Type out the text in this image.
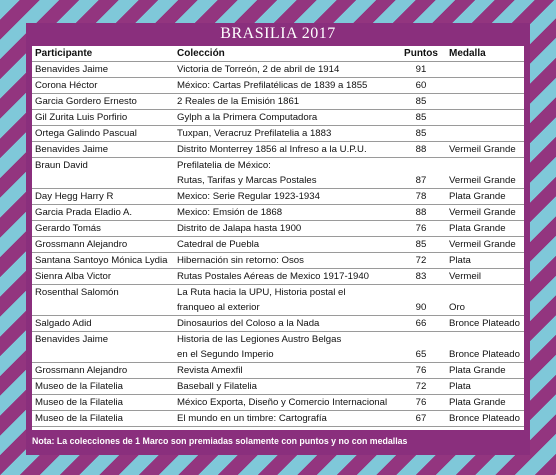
BRASILIA 2017
Participante	Colección	Puntos	Medalla
Benavides Jaime	Victoria de Torreón, 2 de abril de 1914	91	
Corona Héctor	México: Cartas Prefilatélicas de 1839 a 1855	60	
Garcia Gordero Ernesto	2 Reales de la Emisión 1861	85	
Gil Zurita Luis Porfirio	Gylph a la Primera Computadora	85	
Ortega Galindo Pascual	Tuxpan, Veracruz Prefilatelia a 1883	85	
Benavides Jaime	Distrito Monterrey 1856 al Infreso a la U.P.U.	88	Vermeil Grande
Braun David	Prefilatelia de México:		
	Rutas, Tarifas y Marcas Postales	87	Vermeil Grande
Day Hegg Harry R	Mexico: Serie Regular 1923-1934	78	Plata Grande
Garcia Prada Eladio A.	Mexico: Emsión de 1868	88	Vermeil Grande
Gerardo Tomás	Distrito de Jalapa hasta 1900	76	Plata Grande
Grossmann Alejandro	Catedral de Puebla	85	Vermeil Grande
Santana Santoyo Mónica Lydia	Hibernación sin retorno: Osos	72	Plata
Sienra Alba Victor	Rutas Postales Aéreas de Mexico 1917-1940	83	Vermeil
Rosenthal Salomón	La Ruta hacia la UPU, Historia postal el		
	franqueo al exterior	90	Oro
Salgado Adid	Dinosaurios del Coloso a la Nada	66	Bronce Plateado
Benavides Jaime	Historia de las Legiones Austro Belgas		
	en el Segundo Imperio	65	Bronce Plateado
Grossmann Alejandro	Revista Amexfil	76	Plata Grande
Museo de la Filatelia	Baseball y Filatelia	72	Plata
Museo de la Filatelia	México Exporta, Diseño y Comercio Internacional	76	Plata Grande
Museo de la Filatelia	El mundo en un timbre: Cartografía	67	Bronce Plateado

Nota: La colecciones de 1 Marco son premiadas solamente con puntos y no con medallas
